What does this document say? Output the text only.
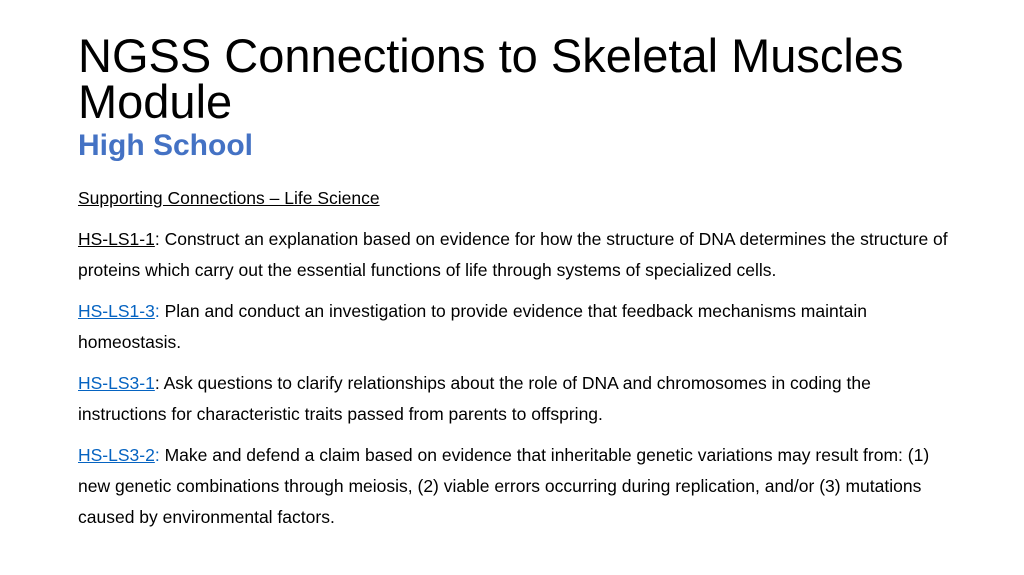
NGSS Connections to Skeletal Muscles Module
High School

Supporting Connections – Life Science

HS-LS1-1: Construct an explanation based on evidence for how the structure of DNA determines the structure of proteins which carry out the essential functions of life through systems of specialized cells.

HS-LS1-3: Plan and conduct an investigation to provide evidence that feedback mechanisms maintain homeostasis.

HS-LS3-1: Ask questions to clarify relationships about the role of DNA and chromosomes in coding the instructions for characteristic traits passed from parents to offspring.

HS-LS3-2: Make and defend a claim based on evidence that inheritable genetic variations may result from: (1) new genetic combinations through meiosis, (2) viable errors occurring during replication, and/or (3) mutations caused by environmental factors.
